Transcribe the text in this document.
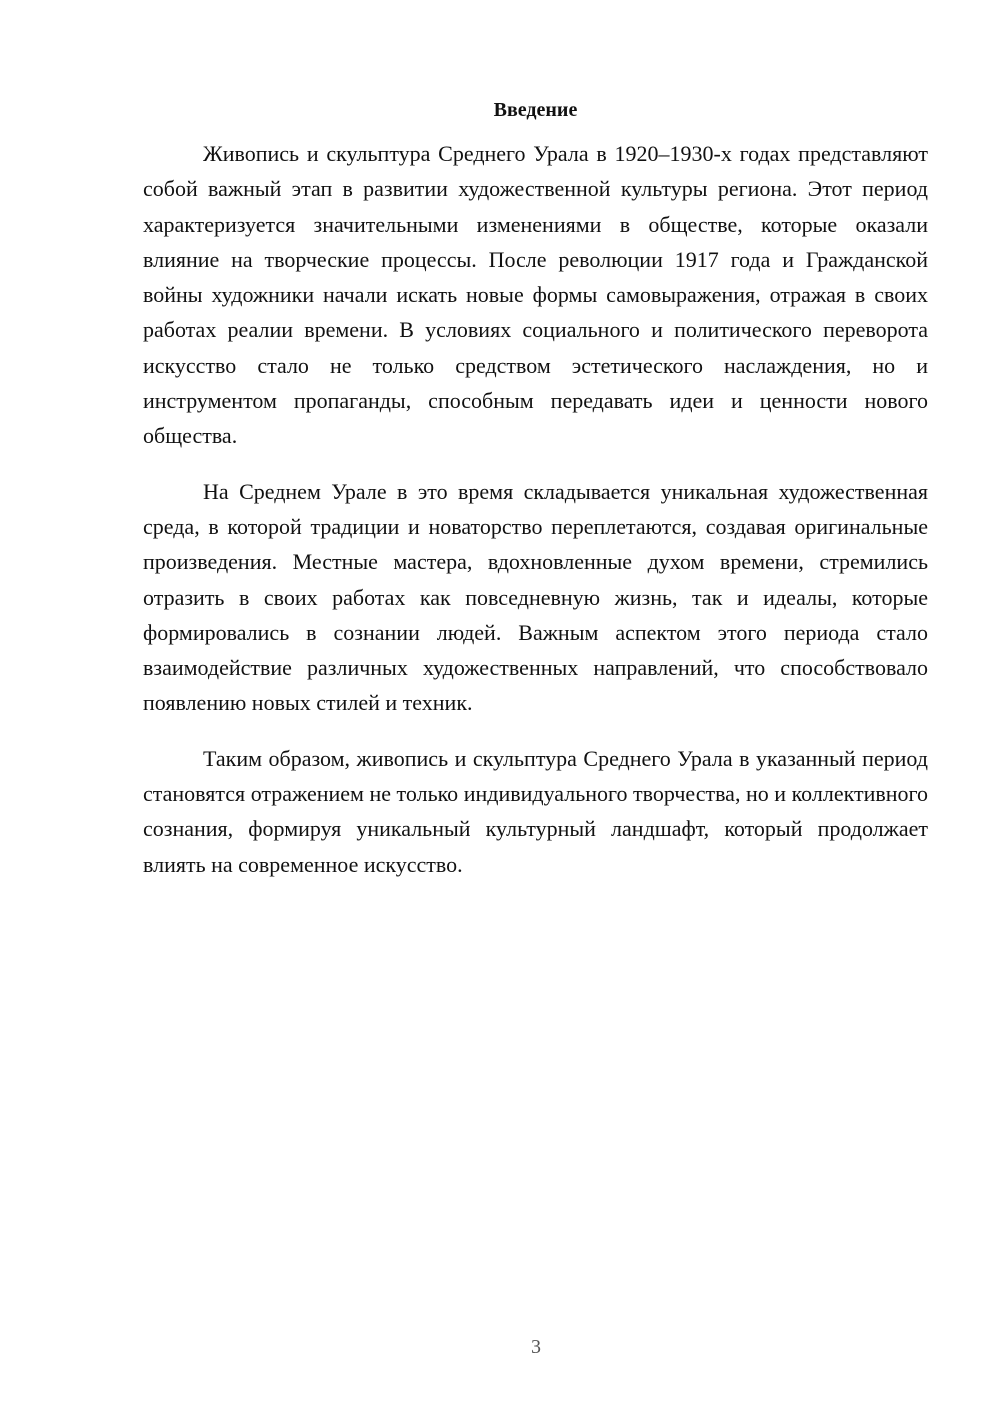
Введение

Живопись и скульптура Среднего Урала в 1920–1930-х годах представляют собой важный этап в развитии художественной культуры региона. Этот период характеризуется значительными изменениями в обществе, которые оказали влияние на творческие процессы. После революции 1917 года и Гражданской войны художники начали искать новые формы самовыражения, отражая в своих работах реалии времени. В условиях социального и политического переворота искусство стало не только средством эстетического наслаждения, но и инструментом пропаганды, способным передавать идеи и ценности нового общества.

На Среднем Урале в это время складывается уникальная художественная среда, в которой традиции и новаторство переплетаются, создавая оригинальные произведения. Местные мастера, вдохновленные духом времени, стремились отразить в своих работах как повседневную жизнь, так и идеалы, которые формировались в сознании людей. Важным аспектом этого периода стало взаимодействие различных художественных направлений, что способствовало появлению новых стилей и техник.

Таким образом, живопись и скульптура Среднего Урала в указанный период становятся отражением не только индивидуального творчества, но и коллективного сознания, формируя уникальный культурный ландшафт, который продолжает влиять на современное искусство.

3
